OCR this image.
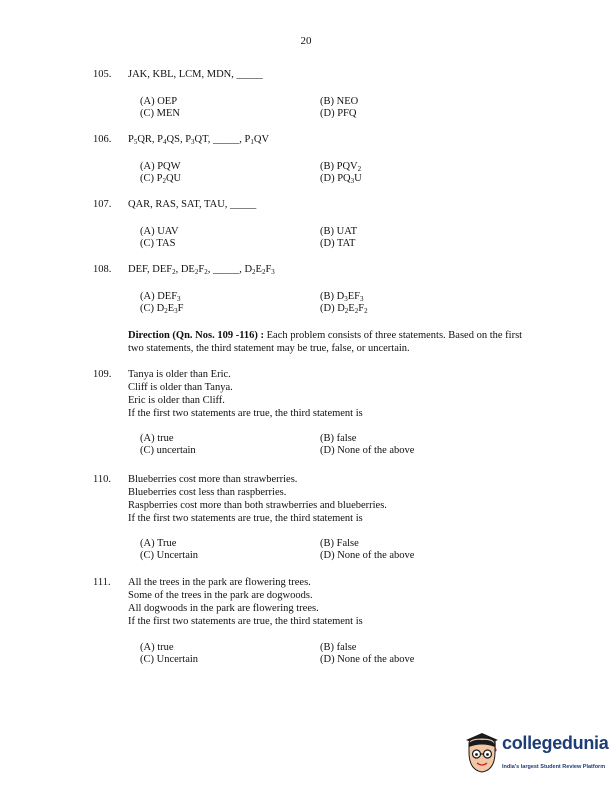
20
105. JAK, KBL, LCM, MDN, _____
(A) OEP	(B) NEO
(C) MEN	(D) PFQ
106. $P_5QR$, $P_4QS$, $P_3QT$, _____, $P_1QV$
(A) PQW	(B) $PQV_2$
(C) $P_2QU$	(D) $PQ_3U$
107. QAR, RAS, SAT, TAU, _____
(A) UAV	(B) UAT
(C) TAS	(D) TAT
108. DEF, $DEF_2$, $DE_2F_2$, _____, $D_2E_2F_3$
(A) $DEF_3$	(B) $D_3EF_3$
(C) $D_2E_3F$	(D) $D_2E_2F_2$
Direction (Qn. Nos. 109 -116) : Each problem consists of three statements. Based on the first two statements, the third statement may be true, false, or uncertain.
109. Tanya is older than Eric.
Cliff is older than Tanya.
Eric is older than Cliff.
If the first two statements are true, the third statement is
(A) true	(B) false
(C) uncertain	(D) None of the above
110. Blueberries cost more than strawberries.
Blueberries cost less than raspberries.
Raspberries cost more than both strawberries and blueberries.
If the first two statements are true, the third statement is
(A) True	(B) False
(C) Uncertain	(D) None of the above
111. All the trees in the park are flowering trees.
Some of the trees in the park are dogwoods.
All dogwoods in the park are flowering trees.
If the first two statements are true, the third statement is
(A) true	(B) false
(C) Uncertain	(D) None of the above
collegedunia
India's largest Student Review Platform
